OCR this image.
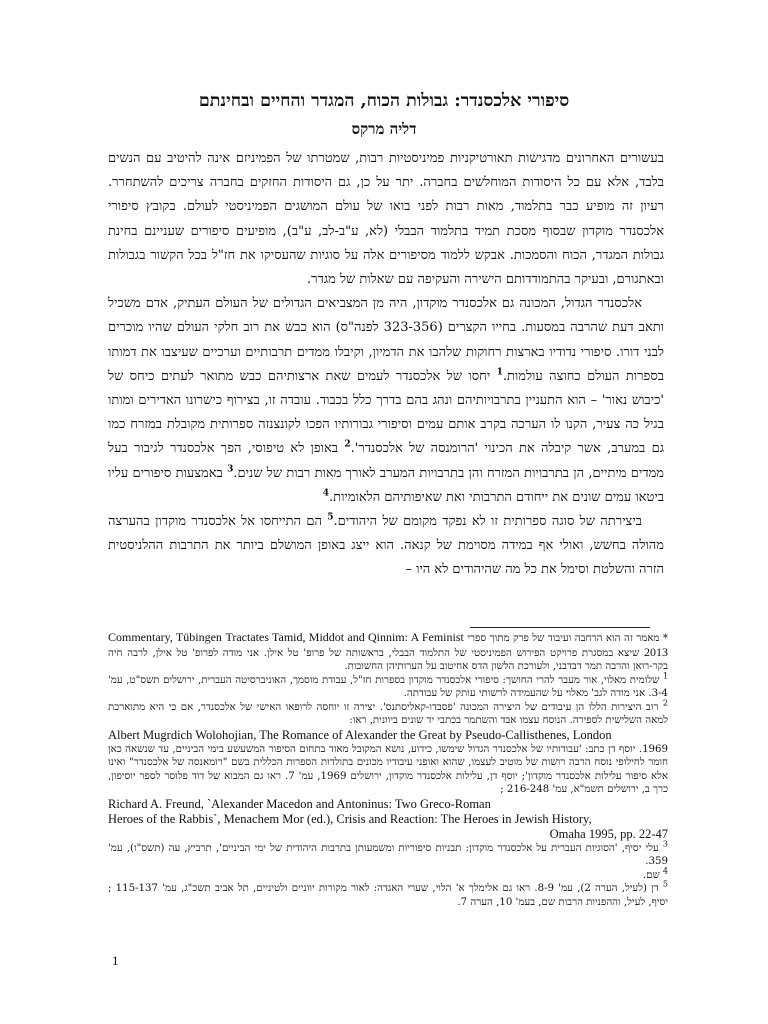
סיפורי אלכסנדר: גבולות הכוח, המגדר והחיים ובחינתם
דליה מרקס

בעשורים האחרונים מדגישות תאורטיקניות פמיניסטיות רבות, שמטרתו של הפמיניזם אינה להיטיב עם הנשים בלבד, אלא עם כל היסודות המוחלשים בחברה. יתר על כן, גם היסודות החזקים בחברה צריכים להשתחרר. רעיון זה מופיע כבר בתלמוד, מאות רבות לפני בואו של עולם המושגים הפמיניסטי לעולם. בקובץ סיפורי אלכסנדר מוקדון שבסוף מסכת תמיד בתלמוד הבבלי (לא, ע"ב-לב, ע"ב), מופיעים סיפורים שעניינם בחינת גבולות המגדר, הכוח והסמכות. אבקש ללמוד מסיפורים אלה על סוגיות שהעסיקו את חז"ל בכל הקשור בגבולות ובאתגורם, ובעיקר בהתמודדותם הישירה והעקיפה עם שאלות של מגדר.

אלכסנדר הגדול, המכונה גם אלכסנדר מוקדון, היה מן המצביאים הגדולים של העולם העתיק, אדם משכיל ותאב דעת שהרבה במסעות. בחייו הקצרים (323-356 לפנה"ס) הוא כבש את רוב חלקי העולם שהיו מוכרים לבני דורו. סיפורי נדודיו בארצות רחוקות שלהבו את הדמיון, וקיבלו ממדים תרבותיים וערכיים שעיצבו את דמותו בספרות העולם כחוצה עולמות.$^1$ יחסו של אלכסנדר לעמים שאת ארצותיהם כבש מתואר לעתים כיחס של 'כיבוש נאור' – הוא התעניין בתרבויותיהם ונהג בהם בדרך כלל בכבוד. עובדה זו, בצירוף כישרונו האדירים ומותו בגיל כה צעיר, הקנו לו הערכה בקרב אותם עמים וסיפורי גבורותיו הפכו לקונצנזה ספרותית מקובלת במזרח כמו גם במערב, אשר קיבלה את הכינוי 'הרומנסה של אלכסנדר'.$^2$ באופן לא טיפוסי, הפך אלכסנדר לגיבור בעל ממדים מיתיים, הן בתרבויות המזרח והן בתרבויות המערב לאורך מאות רבות של שנים.$^3$ באמצעות סיפורים עליו ביטאו עמים שונים את ייחודם התרבותי ואת שאיפותיהם הלאומיות.$^4$

ביצירתה של סוגה ספרותית זו לא נפקד מקומם של היהודים.$^5$ הם התייחסו אל אלכסנדר מוקדון בהערצה מהולה בחשש, ואולי אף במידה מסוימת של קנאה. הוא ייצג באופן המושלם ביותר את התרבות ההלניסטית הזרה והשלטת וסימל את כל מה שהיהודים לא היו –

* מאמר זה הוא הרחבה ועיבוד של פרק מתוך ספרי Tractates Tamid, Middot and Qinnim: A Feminist Commentary, Tübingen 2013 שיצא במסגרת פרויקט הפירוש הפמיניסטי של התלמוד הבבלי, בראשותה של פרופ' טל אילן. אני מודה לפרופ' טל אילן, לרבה חיה בקר-רואן והרבה תמר דבדבני, ולעורכת הלשון הדס אחיטוב על הערותיהן החשובות.

$^1$ שלומית מאלוי, אור מעבר להרי החושך: סיפורי אלכסנדר מוקדון בספרות חז"ל, עבודת מוסמך, האוניברסיטה העברית, ירושלים תשס"ט, עמ' 3-4. אני מודה לגב' מאלוי על שהעמידה לרשותי עותק של עבודתה.

$^2$ רוב היצירות הללו הן עיבודים של היצירה המכונה 'פסבדו-קאליסתנס'. יצירה זו יוחסה לרופאו האישי של אלכסנדר, אם כי היא מתוארכת למאה השלישית לספירה. הנוסח עצמו אבד והשתמר בכתבי יד שונים ביוונית, ראו:
Albert Mugrdich Wolohojian, The Romance of Alexander the Great by Pseudo-Callisthenes, London
1969. יוסף דן כתב: 'עבודותיו של אלכסנדר הגדול שימשו, כידוע, נושא המקובל מאוד בתחום הסיפור המשעשע בימי הביניים, עד שנשאה כאן חומר לחילופי נוסח הרבה רושות של מוטיב לעצמו, שהוא ואופני עיבודיו מכונים בתולדות הספרות הכללית בשם "רומאנסה של אלכסנדר" ואינו אלא סיפור עלילות אלכסנדר מוקדון'; יוסף דן, עלילות אלכסנדר מוקדון, ירושלים 1969, עמ' 7. ראו גם המבוא של דוד פלוסר לספר יוסיפון, כרך ב, ירושלים תשמ"א, עמ' 216-248 ;
Richard A. Freund, `Alexander Macedon and Antoninus: Two Greco-Roman
Heroes of the Rabbis`, Menachem Mor (ed.), Crisis and Reaction: The Heroes in Jewish History,
Omaha 1995, pp. 22-47

$^3$ עלי יסיף, 'הסוגיות העברית על אלכסנדר מוקדון: תבניות סיפוריות ומשמעותן בתרבות היהודית של ימי הביניים', תרביץ, עה (תשס"ו), עמ' 359.

$^4$ שם.

$^5$ דן (לעיל, הערה 2), עמ' 8-9. ראו גם אלימלך א' הלוי, שערי האגדה: לאור מקורות יווניים ולטיניים, תל אביב תשכ"ג, עמ' 115-137 ; יסיף, לעיל, וההפניות הרבות שם, בעמ' 10, הערה 7.

1
